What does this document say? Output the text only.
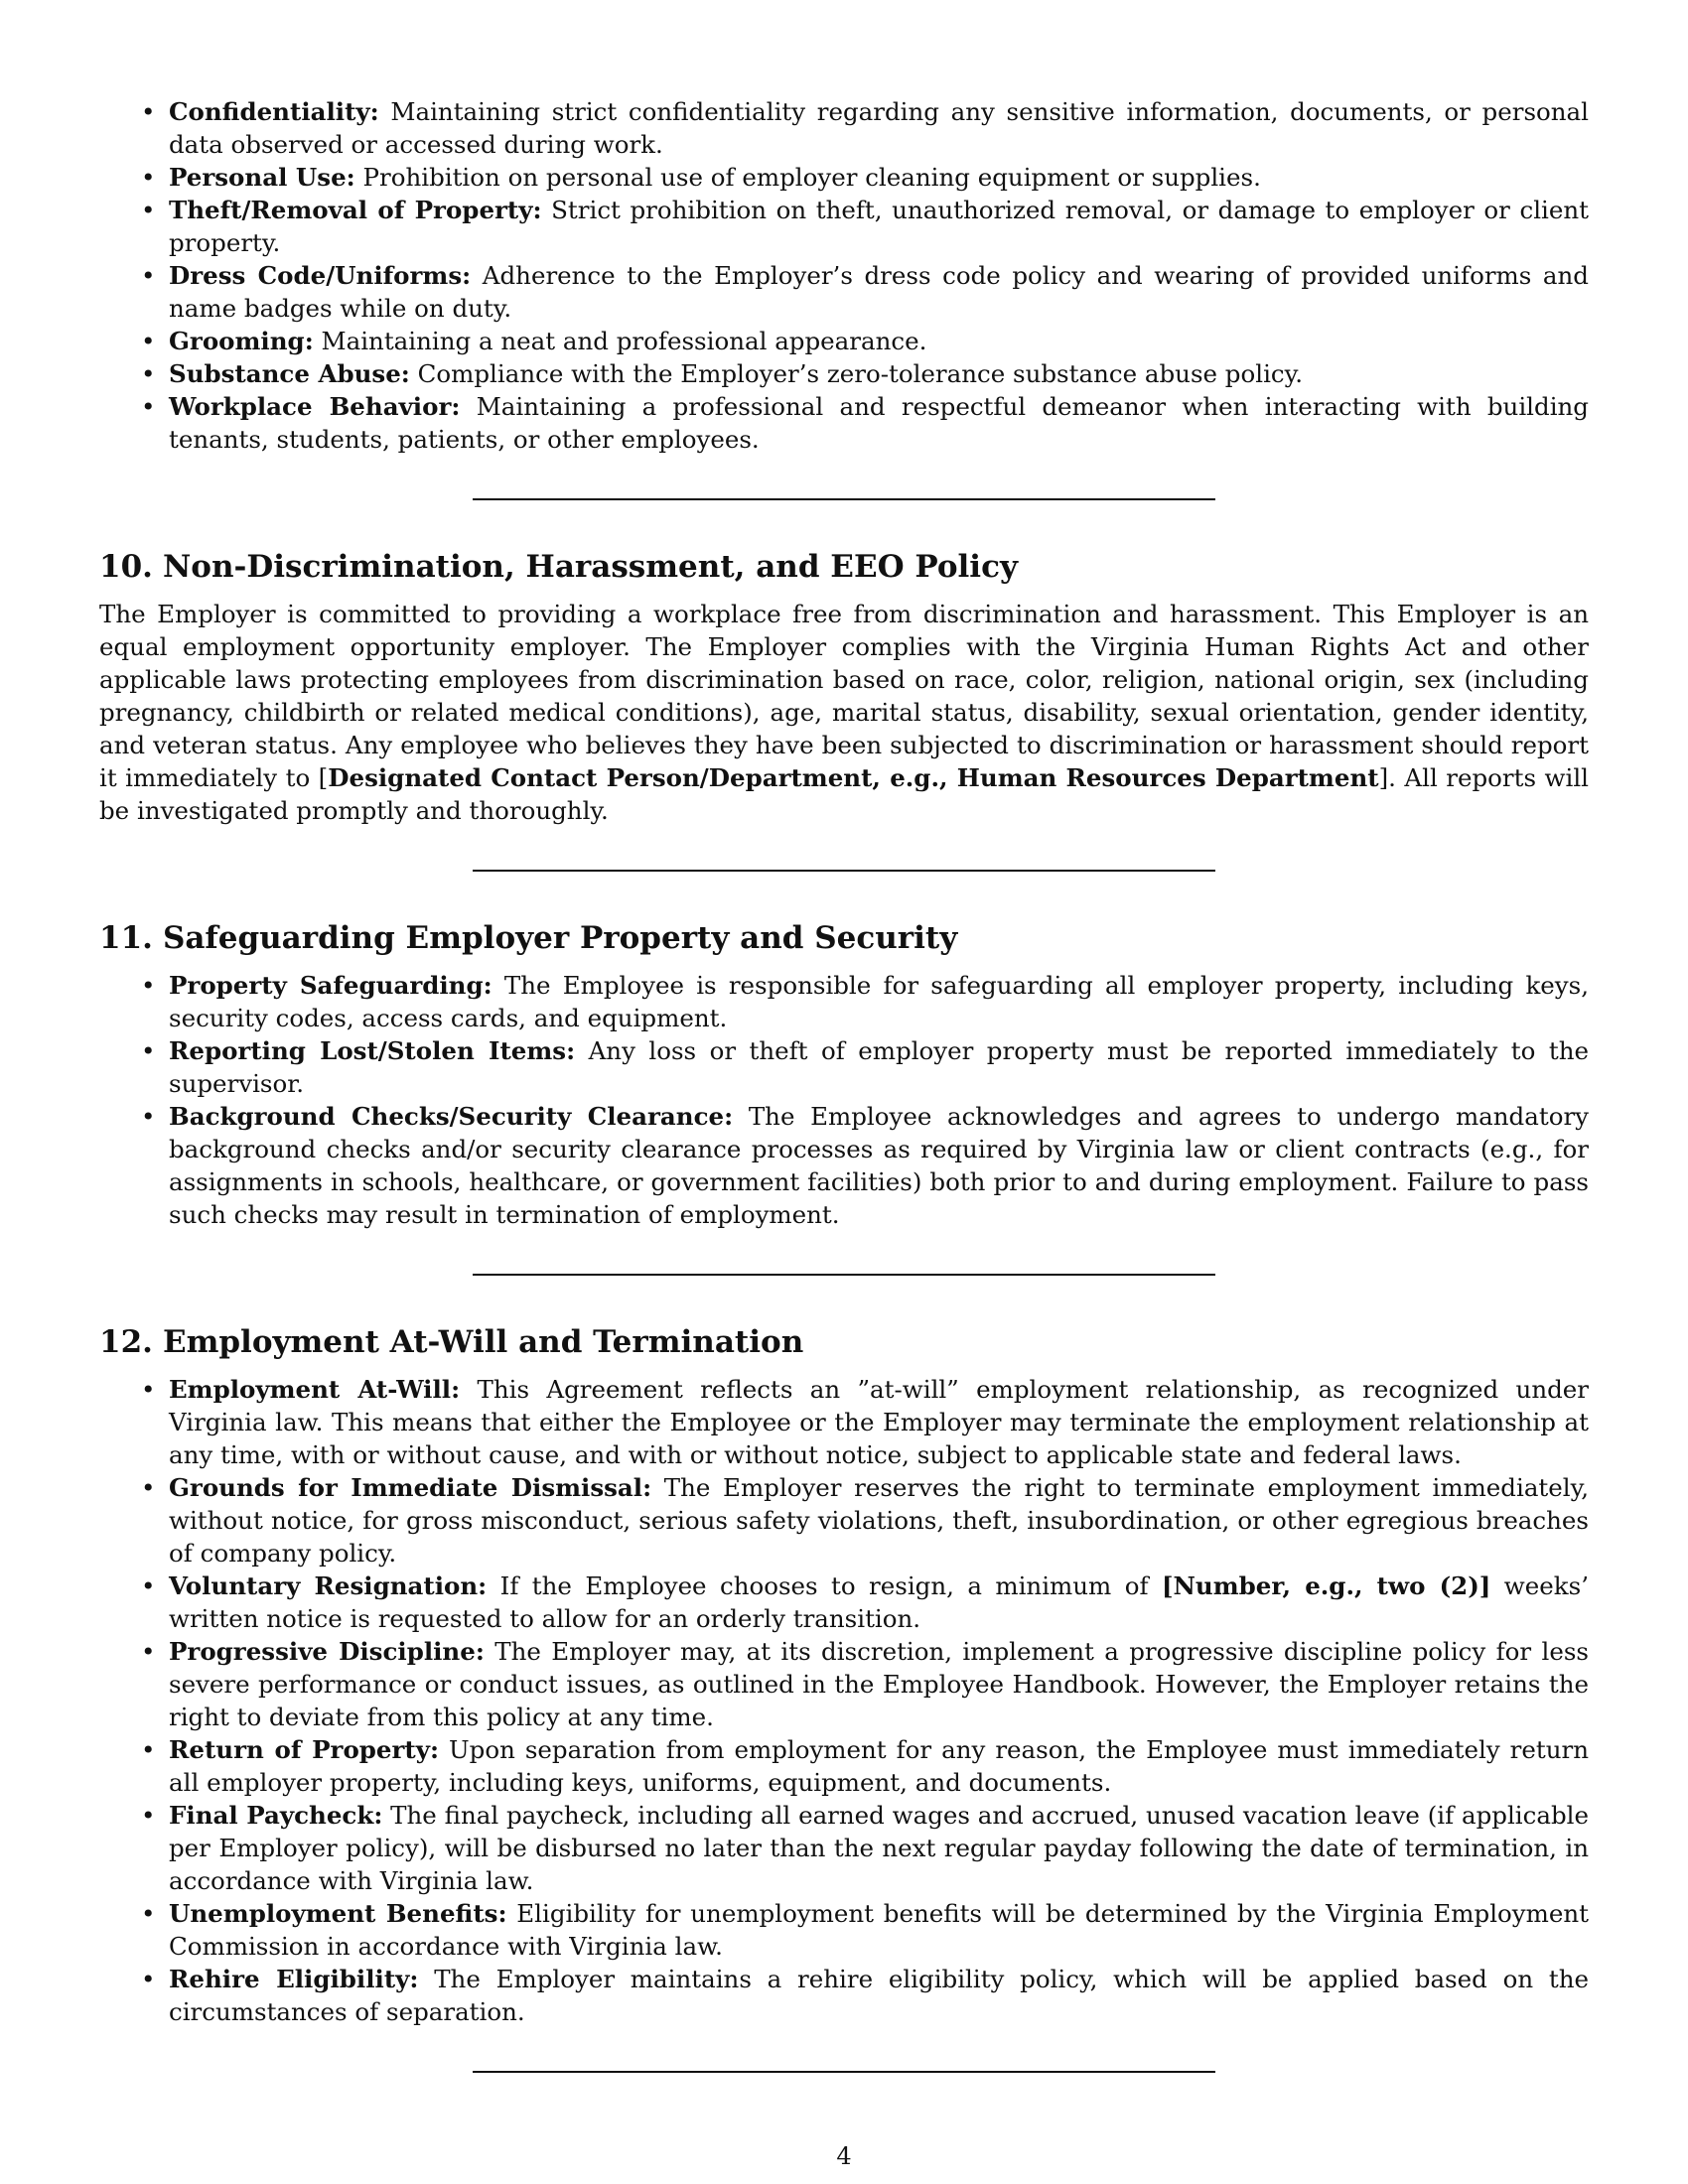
• Confidentiality: Maintaining strict confidentiality regarding any sensitive information, documents, or personal data observed or accessed during work.
• Personal Use: Prohibition on personal use of employer cleaning equipment or supplies.
• Theft/Removal of Property: Strict prohibition on theft, unauthorized removal, or damage to employer or client property.
• Dress Code/Uniforms: Adherence to the Employer’s dress code policy and wearing of provided uniforms and name badges while on duty.
• Grooming: Maintaining a neat and professional appearance.
• Substance Abuse: Compliance with the Employer’s zero-tolerance substance abuse policy.
• Workplace Behavior: Maintaining a professional and respectful demeanor when interacting with building tenants, students, patients, or other employees.
10. Non-Discrimination, Harassment, and EEO Policy

The Employer is committed to providing a workplace free from discrimination and harassment. This Employer is an equal employment opportunity employer. The Employer complies with the Virginia Human Rights Act and other applicable laws protecting employees from discrimination based on race, color, religion, national origin, sex (including pregnancy, childbirth or related medical conditions), age, marital status, disability, sexual orientation, gender identity, and veteran status. Any employee who believes they have been subjected to discrimination or harassment should report it immediately to [Designated Contact Person/Department, e.g., Human Resources Department]. All reports will be investigated promptly and thoroughly.

11. Safeguarding Employer Property and Security
• Property Safeguarding: The Employee is responsible for safeguarding all employer property, including keys, security codes, access cards, and equipment.
• Reporting Lost/Stolen Items: Any loss or theft of employer property must be reported immediately to the supervisor.
• Background Checks/Security Clearance: The Employee acknowledges and agrees to undergo mandatory background checks and/or security clearance processes as required by Virginia law or client contracts (e.g., for assignments in schools, healthcare, or government facilities) both prior to and during employment. Failure to pass such checks may result in termination of employment.
12. Employment At-Will and Termination
• Employment At-Will: This Agreement reflects an ”at-will” employment relationship, as recognized under Virginia law. This means that either the Employee or the Employer may terminate the employment relationship at any time, with or without cause, and with or without notice, subject to applicable state and federal laws.
• Grounds for Immediate Dismissal: The Employer reserves the right to terminate employment immediately, without notice, for gross misconduct, serious safety violations, theft, insubordination, or other egregious breaches of company policy.
• Voluntary Resignation: If the Employee chooses to resign, a minimum of [Number, e.g., two (2)] weeks’ written notice is requested to allow for an orderly transition.
• Progressive Discipline: The Employer may, at its discretion, implement a progressive discipline policy for less severe performance or conduct issues, as outlined in the Employee Handbook. However, the Employer retains the right to deviate from this policy at any time.
• Return of Property: Upon separation from employment for any reason, the Employee must immediately return all employer property, including keys, uniforms, equipment, and documents.
• Final Paycheck: The final paycheck, including all earned wages and accrued, unused vacation leave (if applicable per Employer policy), will be disbursed no later than the next regular payday following the date of termination, in accordance with Virginia law.
• Unemployment Benefits: Eligibility for unemployment benefits will be determined by the Virginia Employment Commission in accordance with Virginia law.
• Rehire Eligibility: The Employer maintains a rehire eligibility policy, which will be applied based on the circumstances of separation.
4
